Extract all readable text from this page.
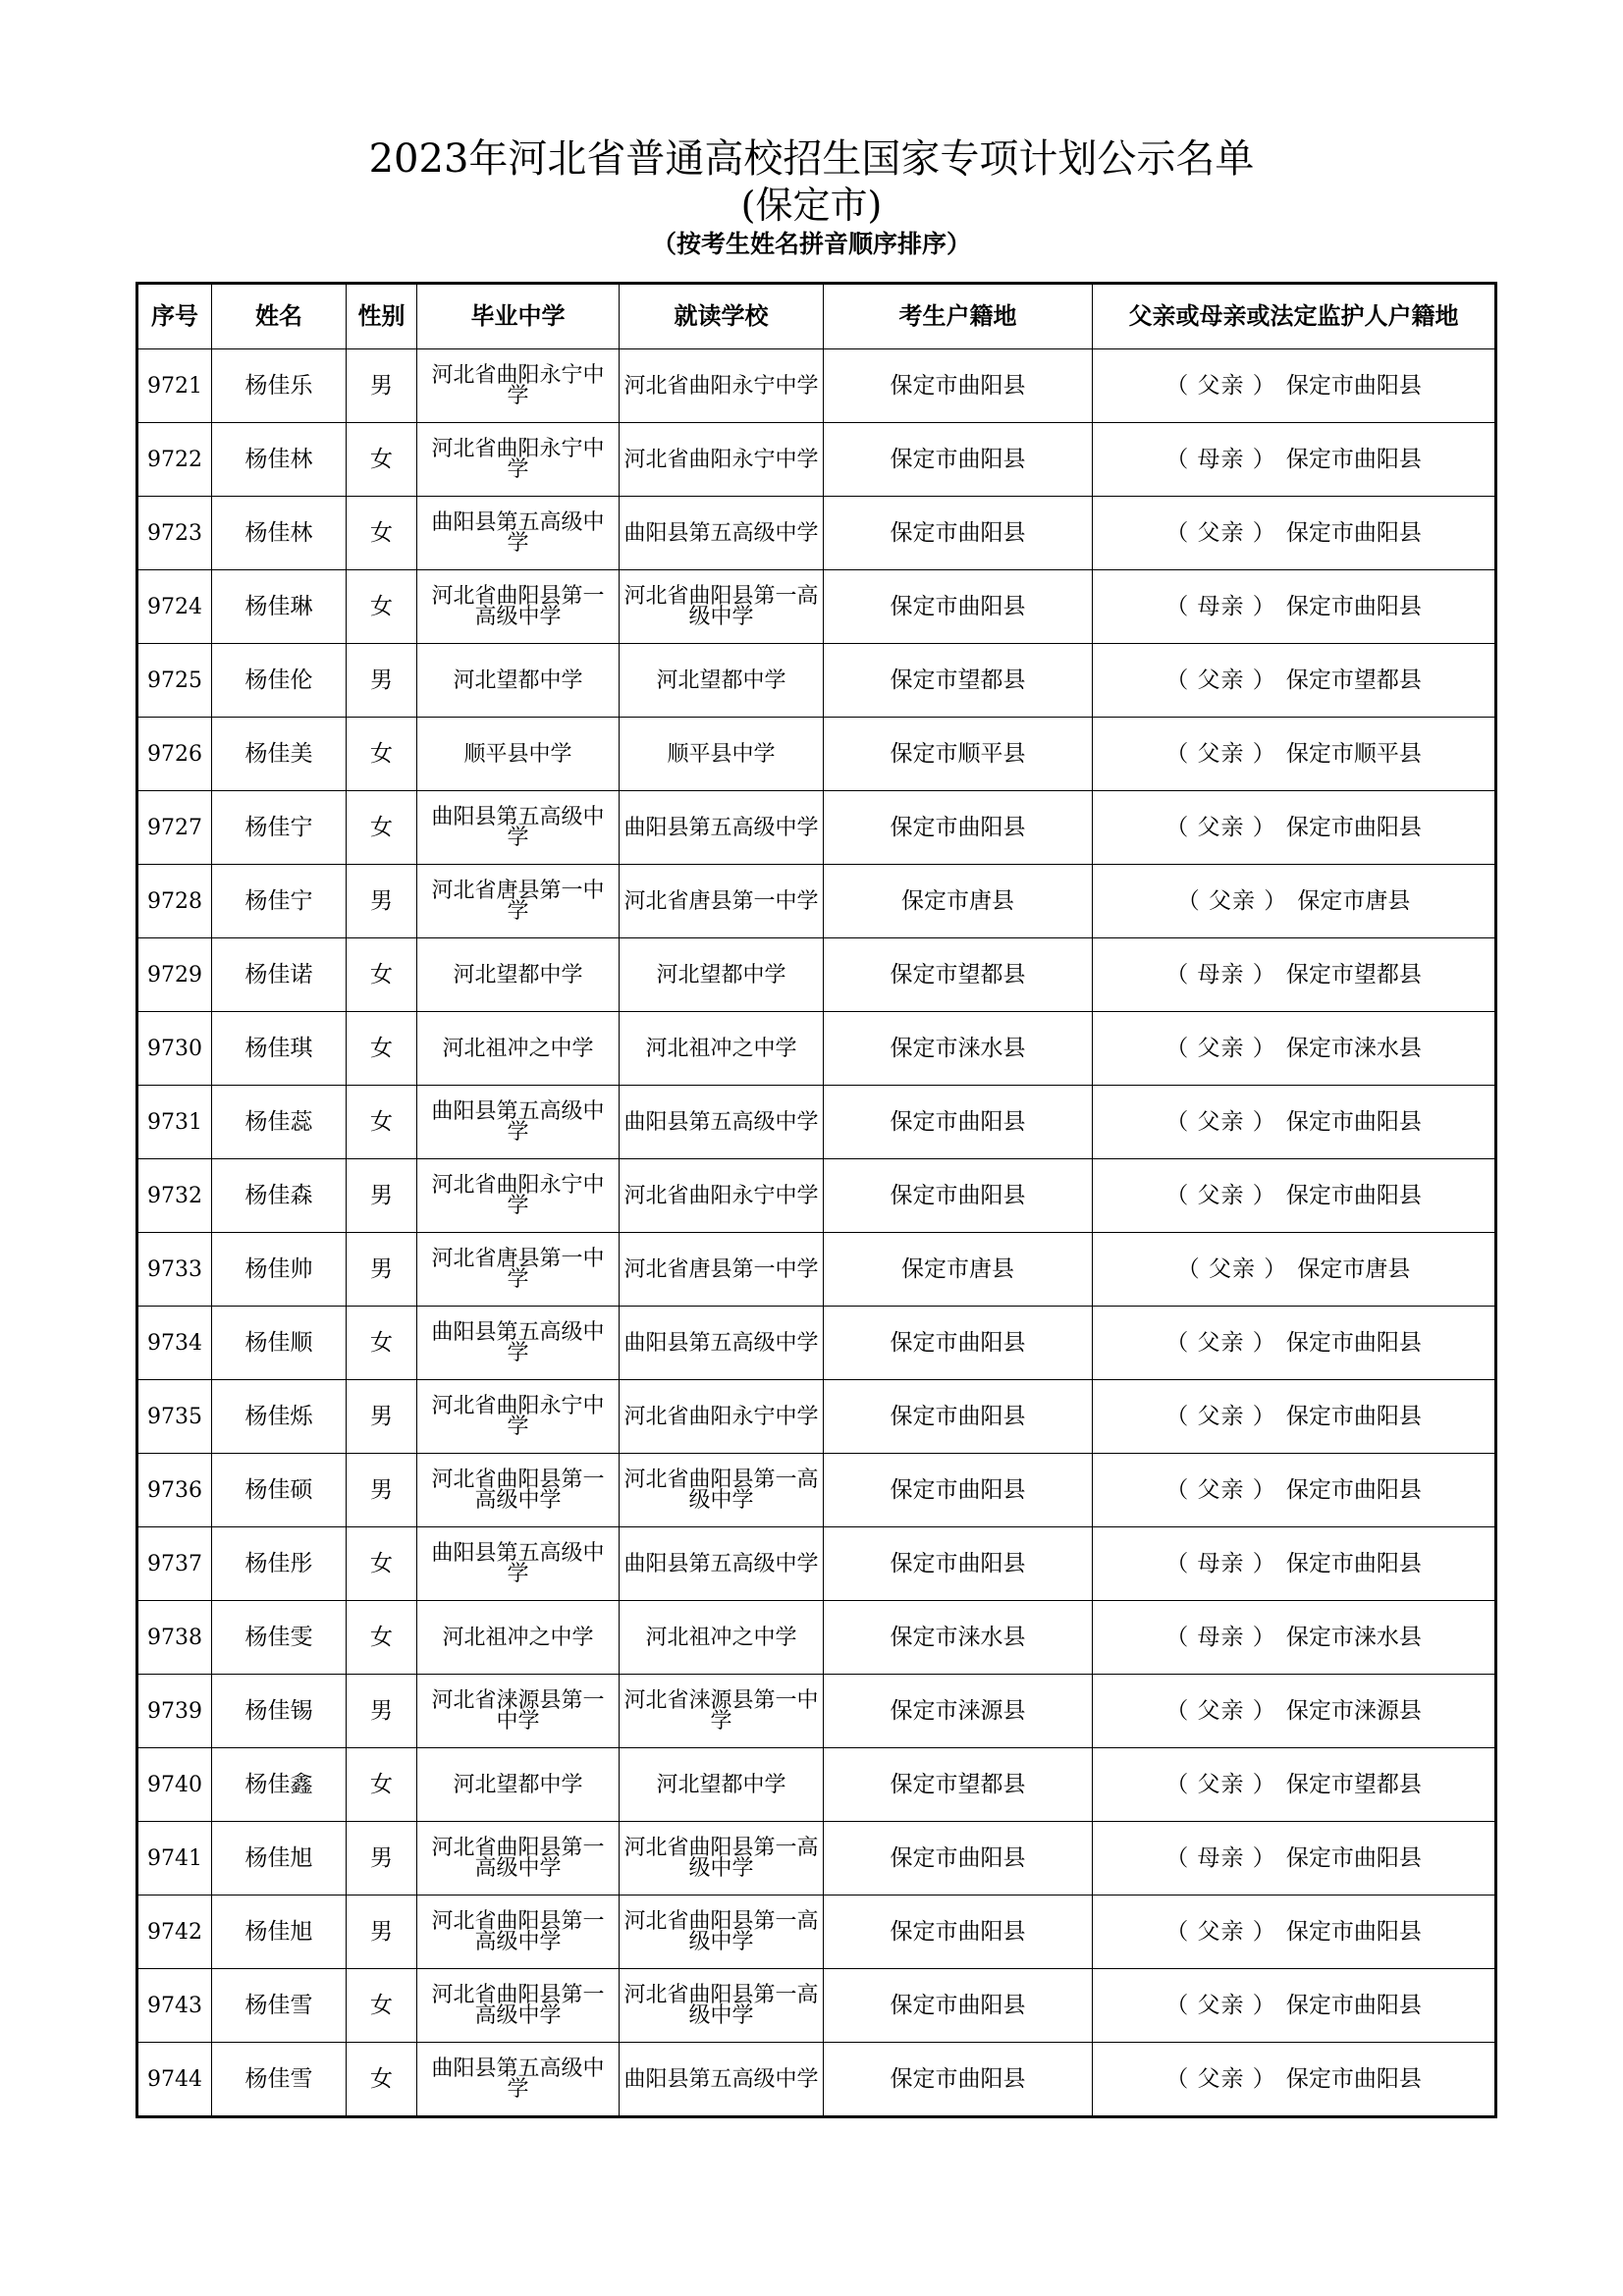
2023年河北省普通高校招生国家专项计划公示名单
(保定市)
（按考生姓名拼音顺序排序）
序号	姓名	性别	毕业中学	就读学校	考生户籍地	父亲或母亲或法定监护人户籍地
9721	杨佳乐	男	河北省曲阳永宁中学	河北省曲阳永宁中学	保定市曲阳县	（ 父亲 ） 保定市曲阳县
9722	杨佳林	女	河北省曲阳永宁中学	河北省曲阳永宁中学	保定市曲阳县	（ 母亲 ） 保定市曲阳县
9723	杨佳林	女	曲阳县第五高级中学	曲阳县第五高级中学	保定市曲阳县	（ 父亲 ） 保定市曲阳县
9724	杨佳琳	女	河北省曲阳县第一高级中学	河北省曲阳县第一高级中学	保定市曲阳县	（ 母亲 ） 保定市曲阳县
9725	杨佳伦	男	河北望都中学	河北望都中学	保定市望都县	（ 父亲 ） 保定市望都县
9726	杨佳美	女	顺平县中学	顺平县中学	保定市顺平县	（ 父亲 ） 保定市顺平县
9727	杨佳宁	女	曲阳县第五高级中学	曲阳县第五高级中学	保定市曲阳县	（ 父亲 ） 保定市曲阳县
9728	杨佳宁	男	河北省唐县第一中学	河北省唐县第一中学	保定市唐县	（ 父亲 ） 保定市唐县
9729	杨佳诺	女	河北望都中学	河北望都中学	保定市望都县	（ 母亲 ） 保定市望都县
9730	杨佳琪	女	河北祖冲之中学	河北祖冲之中学	保定市涞水县	（ 父亲 ） 保定市涞水县
9731	杨佳蕊	女	曲阳县第五高级中学	曲阳县第五高级中学	保定市曲阳县	（ 父亲 ） 保定市曲阳县
9732	杨佳森	男	河北省曲阳永宁中学	河北省曲阳永宁中学	保定市曲阳县	（ 父亲 ） 保定市曲阳县
9733	杨佳帅	男	河北省唐县第一中学	河北省唐县第一中学	保定市唐县	（ 父亲 ） 保定市唐县
9734	杨佳顺	女	曲阳县第五高级中学	曲阳县第五高级中学	保定市曲阳县	（ 父亲 ） 保定市曲阳县
9735	杨佳烁	男	河北省曲阳永宁中学	河北省曲阳永宁中学	保定市曲阳县	（ 父亲 ） 保定市曲阳县
9736	杨佳硕	男	河北省曲阳县第一高级中学	河北省曲阳县第一高级中学	保定市曲阳县	（ 父亲 ） 保定市曲阳县
9737	杨佳彤	女	曲阳县第五高级中学	曲阳县第五高级中学	保定市曲阳县	（ 母亲 ） 保定市曲阳县
9738	杨佳雯	女	河北祖冲之中学	河北祖冲之中学	保定市涞水县	（ 母亲 ） 保定市涞水县
9739	杨佳锡	男	河北省涞源县第一中学	河北省涞源县第一中学	保定市涞源县	（ 父亲 ） 保定市涞源县
9740	杨佳鑫	女	河北望都中学	河北望都中学	保定市望都县	（ 父亲 ） 保定市望都县
9741	杨佳旭	男	河北省曲阳县第一高级中学	河北省曲阳县第一高级中学	保定市曲阳县	（ 母亲 ） 保定市曲阳县
9742	杨佳旭	男	河北省曲阳县第一高级中学	河北省曲阳县第一高级中学	保定市曲阳县	（ 父亲 ） 保定市曲阳县
9743	杨佳雪	女	河北省曲阳县第一高级中学	河北省曲阳县第一高级中学	保定市曲阳县	（ 父亲 ） 保定市曲阳县
9744	杨佳雪	女	曲阳县第五高级中学	曲阳县第五高级中学	保定市曲阳县	（ 父亲 ） 保定市曲阳县
